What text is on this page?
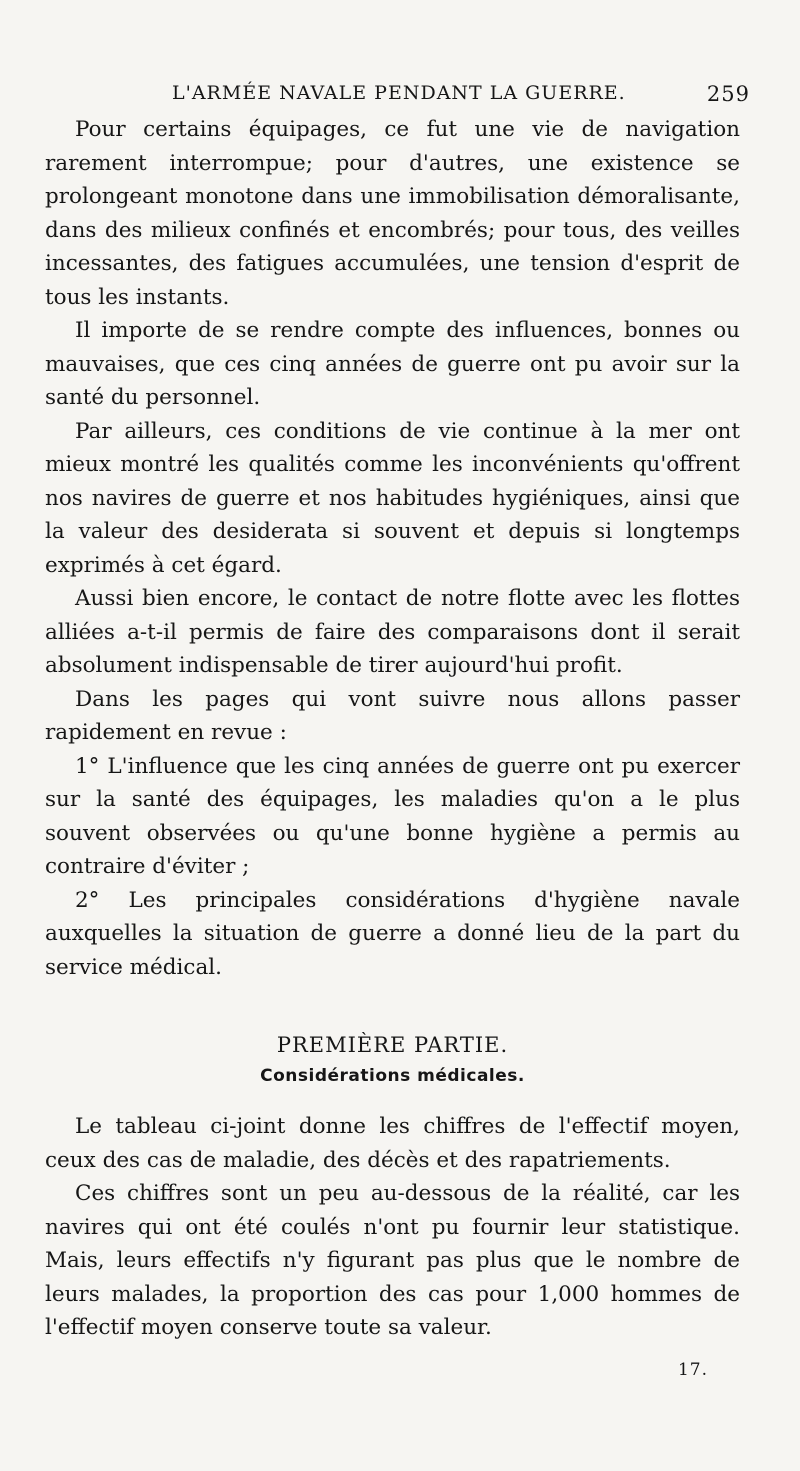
L'ARMÉE NAVALE PENDANT LA GUERRE.	259

Pour certains équipages, ce fut une vie de navigation rarement interrompue; pour d'autres, une existence se prolongeant monotone dans une immobilisation démoralisante, dans des milieux confinés et encombrés; pour tous, des veilles incessantes, des fatigues accumulées, une tension d'esprit de tous les instants.

Il importe de se rendre compte des influences, bonnes ou mauvaises, que ces cinq années de guerre ont pu avoir sur la santé du personnel.

Par ailleurs, ces conditions de vie continue à la mer ont mieux montré les qualités comme les inconvénients qu'offrent nos navires de guerre et nos habitudes hygiéniques, ainsi que la valeur des desiderata si souvent et depuis si longtemps exprimés à cet égard.

Aussi bien encore, le contact de notre flotte avec les flottes alliées a-t-il permis de faire des comparaisons dont il serait absolument indispensable de tirer aujourd'hui profit.

Dans les pages qui vont suivre nous allons passer rapidement en revue :

1° L'influence que les cinq années de guerre ont pu exercer sur la santé des équipages, les maladies qu'on a le plus souvent observées ou qu'une bonne hygiène a permis au contraire d'éviter ;

2° Les principales considérations d'hygiène navale auxquelles la situation de guerre a donné lieu de la part du service médical.

PREMIÈRE PARTIE.

Considérations médicales.

Le tableau ci-joint donne les chiffres de l'effectif moyen, ceux des cas de maladie, des décès et des rapatriements.

Ces chiffres sont un peu au-dessous de la réalité, car les navires qui ont été coulés n'ont pu fournir leur statistique. Mais, leurs effectifs n'y figurant pas plus que le nombre de leurs malades, la proportion des cas pour 1,000 hommes de l'effectif moyen conserve toute sa valeur.

17.
